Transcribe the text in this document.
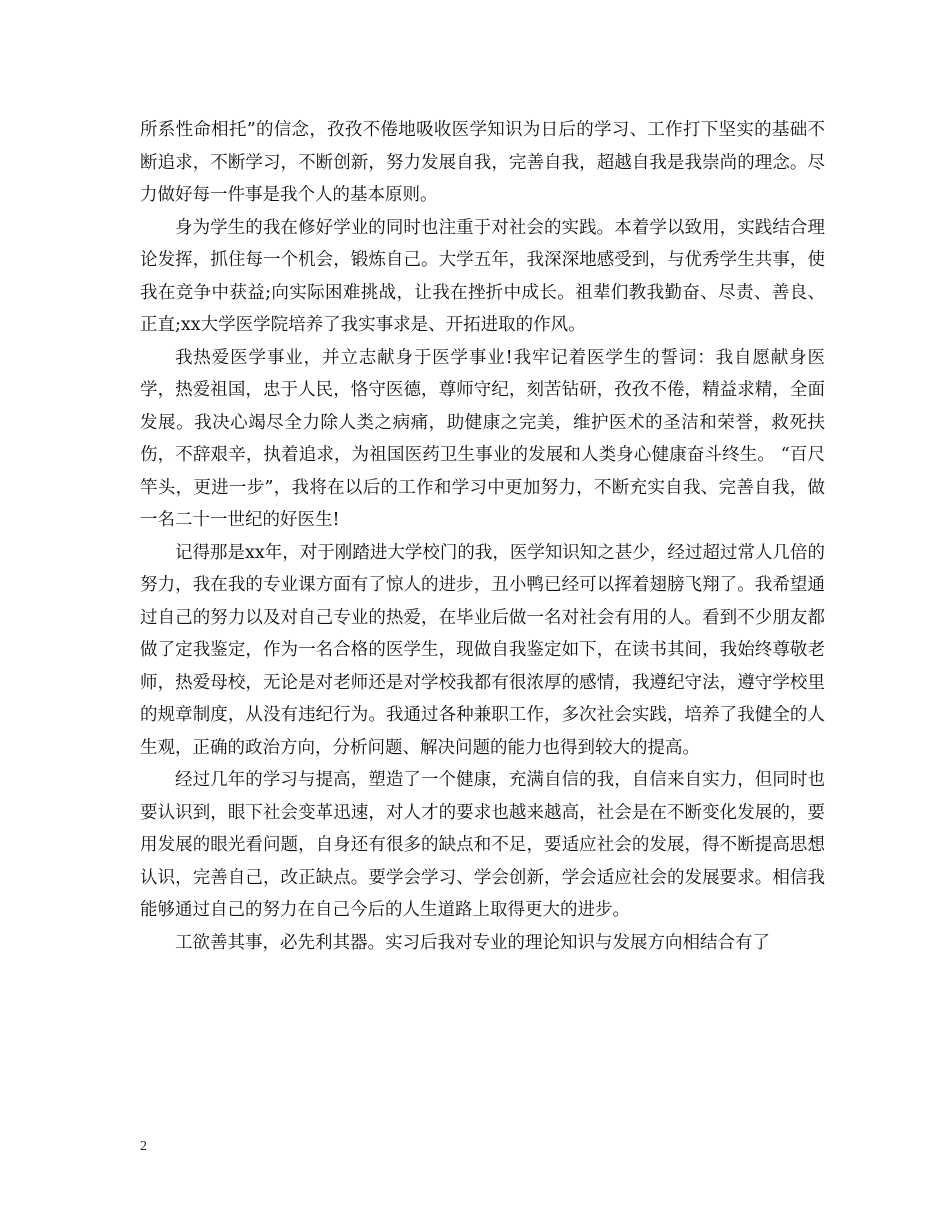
所系性命相托”的信念，孜孜不倦地吸收医学知识为日后的学习、工作打下坚实的基础不断追求，不断学习，不断创新，努力发展自我，完善自我，超越自我是我崇尚的理念。尽力做好每一件事是我个人的基本原则。

身为学生的我在修好学业的同时也注重于对社会的实践。本着学以致用，实践结合理论发挥，抓住每一个机会，锻炼自己。大学五年，我深深地感受到，与优秀学生共事，使我在竞争中获益;向实际困难挑战，让我在挫折中成长。祖辈们教我勤奋、尽责、善良、正直;xx大学医学院培养了我实事求是、开拓进取的作风。

我热爱医学事业，并立志献身于医学事业!我牢记着医学生的誓词：我自愿献身医学，热爱祖国，忠于人民，恪守医德，尊师守纪，刻苦钻研，孜孜不倦，精益求精，全面发展。我决心竭尽全力除人类之病痛，助健康之完美，维护医术的圣洁和荣誉，救死扶伤，不辞艰辛，执着追求，为祖国医药卫生事业的发展和人类身心健康奋斗终生。 “百尺竿头，更进一步”，我将在以后的工作和学习中更加努力，不断充实自我、完善自我，做一名二十一世纪的好医生!

记得那是xx年，对于刚踏进大学校门的我，医学知识知之甚少，经过超过常人几倍的努力，我在我的专业课方面有了惊人的进步，丑小鸭已经可以挥着翅膀飞翔了。我希望通过自己的努力以及对自己专业的热爱，在毕业后做一名对社会有用的人。看到不少朋友都做了定我鉴定，作为一名合格的医学生，现做自我鉴定如下，在读书其间，我始终尊敬老师，热爱母校，无论是对老师还是对学校我都有很浓厚的感情，我遵纪守法，遵守学校里的规章制度，从没有违纪行为。我通过各种兼职工作，多次社会实践，培养了我健全的人生观，正确的政治方向，分析问题、解决问题的能力也得到较大的提高。

经过几年的学习与提高，塑造了一个健康，充满自信的我，自信来自实力，但同时也要认识到，眼下社会变革迅速，对人才的要求也越来越高，社会是在不断变化发展的，要用发展的眼光看问题，自身还有很多的缺点和不足，要适应社会的发展，得不断提高思想认识，完善自己，改正缺点。要学会学习、学会创新，学会适应社会的发展要求。相信我能够通过自己的努力在自己今后的人生道路上取得更大的进步。

工欲善其事，必先利其器。实习后我对专业的理论知识与发展方向相结合有了

2
